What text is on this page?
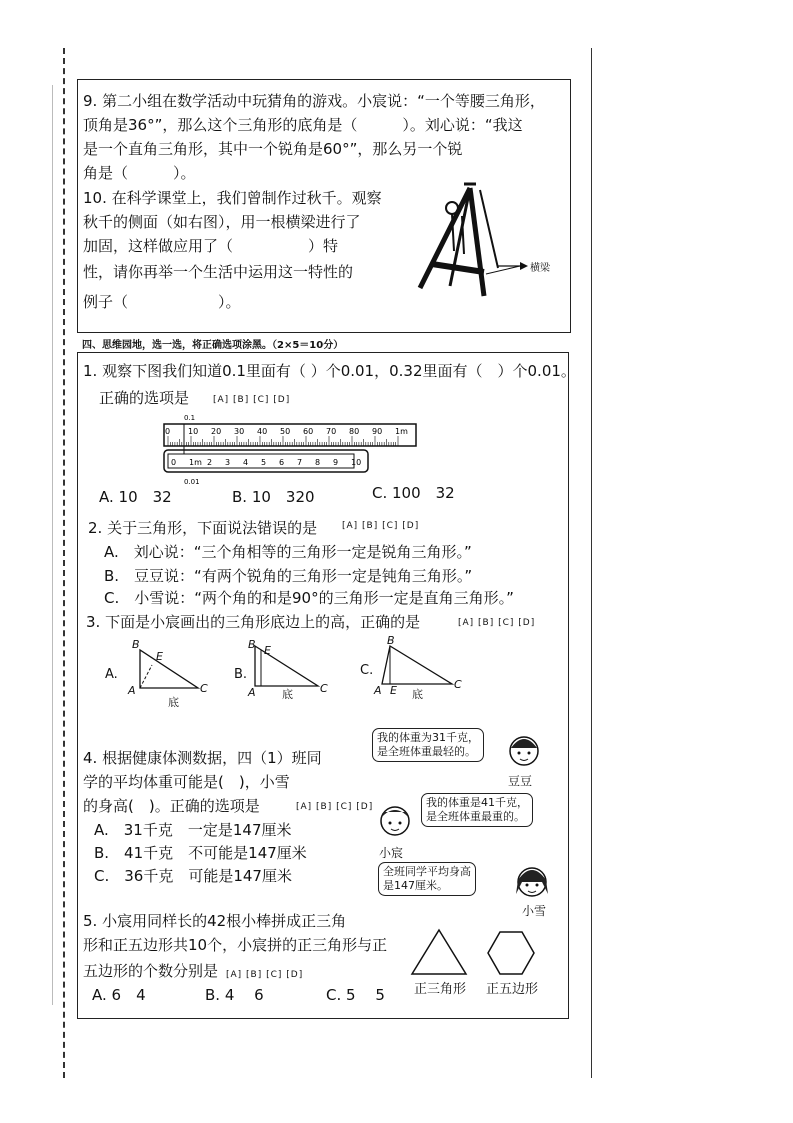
9. 第二小组在数学活动中玩猜角的游戏。小宸说：“一个等腰三角形，
顶角是36°”，那么这个三角形的底角是（　　　）。刘心说：“我这
是一个直角三角形，其中一个锐角是60°”，那么另一个锐
角是（　　　）。
10. 在科学课堂上，我们曾制作过秋千。观察
秋千的侧面（如右图），用一根横梁进行了
加固，这样做应用了（　　　　　）特
性，请你再举一个生活中运用这一特性的
例子（　　　　　　）。
横梁
四、思维园地，选一选，将正确选项涂黑。（2×5＝10分）
1. 观察下图我们知道0.1里面有（ ）个0.01，0.32里面有（　）个0.01。
正确的选项是	[A] [B] [C] [D]
0.1
0 10 20 30 40 50 60 70 80 90 1m
0 1m 2 3 4 5 6 7 8 9 10
0.01
A. 10　32	B. 10　320	C. 100　32
2. 关于三角形，下面说法错误的是	[A] [B] [C] [D]
A.　刘心说：“三个角相等的三角形一定是锐角三角形。”
B.　豆豆说：“有两个锐角的三角形一定是钝角三角形。”
C.　小雪说：“两个角的和是90°的三角形一定是直角三角形。”
3. 下面是小宸画出的三角形底边上的高，正确的是	[A] [B] [C] [D]
A.
B
E
A	C
底
B.
B E
A	C
底
C.
B
A E	C
底
4. 根据健康体测数据，四（1）班同
学的平均体重可能是(　)，小雪
的身高(　)。正确的选项是	[A] [B] [C] [D]
A.　31千克　一定是147厘米
B.　41千克　不可能是147厘米
C.　36千克　可能是147厘米
我的体重为31千克，
是全班体重最轻的。
豆豆
我的体重是41千克，
是全班体重最重的。
小宸
全班同学平均身高
是147厘米。
小雪
5. 小宸用同样长的42根小棒拼成正三角
形和正五边形共10个，小宸拼的正三角形与正
五边形的个数分别是 [A] [B] [C] [D]
A. 6　4	B. 4　 6	C. 5　 5 正三角形 正五边形
